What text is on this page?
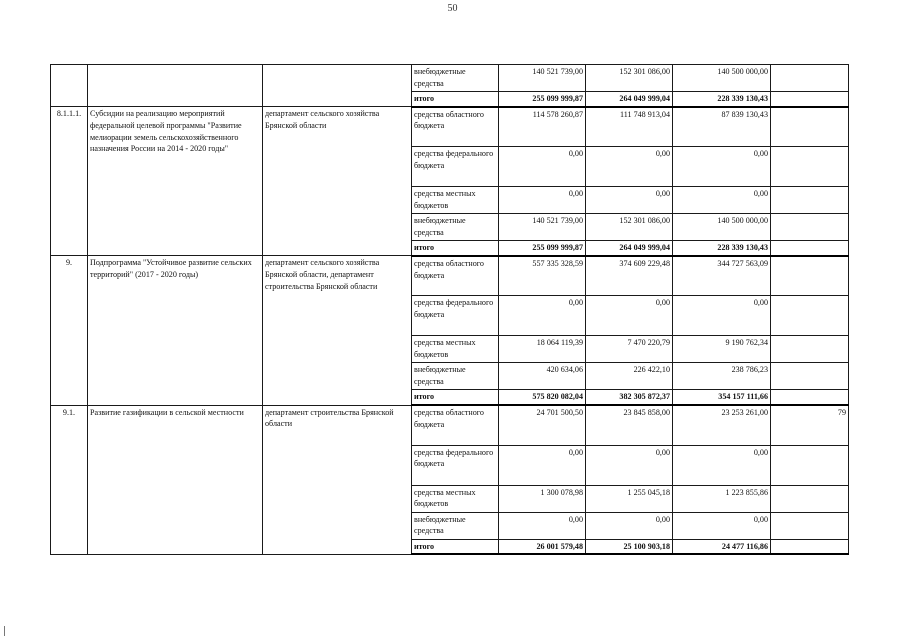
50
			внебюджетные средства	140 521 739,00	152 301 086,00	140 500 000,00	
			итого	255 099 999,87	264 049 999,04	228 339 130,43	
8.1.1.1.	Субсидии на реализацию мероприятий федеральной целевой программы "Развитие мелиорации земель сельскохозяйственного назначения России на 2014 - 2020 годы"	департамент сельского хозяйства Брянской области	средства областного бюджета	114 578 260,87	111 748 913,04	87 839 130,43	
			средства федерального бюджета	0,00	0,00	0,00	
			средства местных бюджетов	0,00	0,00	0,00	
			внебюджетные средства	140 521 739,00	152 301 086,00	140 500 000,00	
			итого	255 099 999,87	264 049 999,04	228 339 130,43	
9.	Подпрограмма "Устойчивое развитие сельских территорий" (2017 - 2020 годы)	департамент сельского хозяйства Брянской области, департамент строительства Брянской области	средства областного бюджета	557 335 328,59	374 609 229,48	344 727 563,09	
			средства федерального бюджета	0,00	0,00	0,00	
			средства местных бюджетов	18 064 119,39	7 470 220,79	9 190 762,34	
			внебюджетные средства	420 634,06	226 422,10	238 786,23	
			итого	575 820 082,04	382 305 872,37	354 157 111,66	
9.1.	Развитие газификации в сельской местности	департамент строительства Брянской области	средства областного бюджета	24 701 500,50	23 845 858,00	23 253 261,00	79
			средства федерального бюджета	0,00	0,00	0,00	
			средства местных бюджетов	1 300 078,98	1 255 045,18	1 223 855,86	
			внебюджетные средства	0,00	0,00	0,00	
			итого	26 001 579,48	25 100 903,18	24 477 116,86	
